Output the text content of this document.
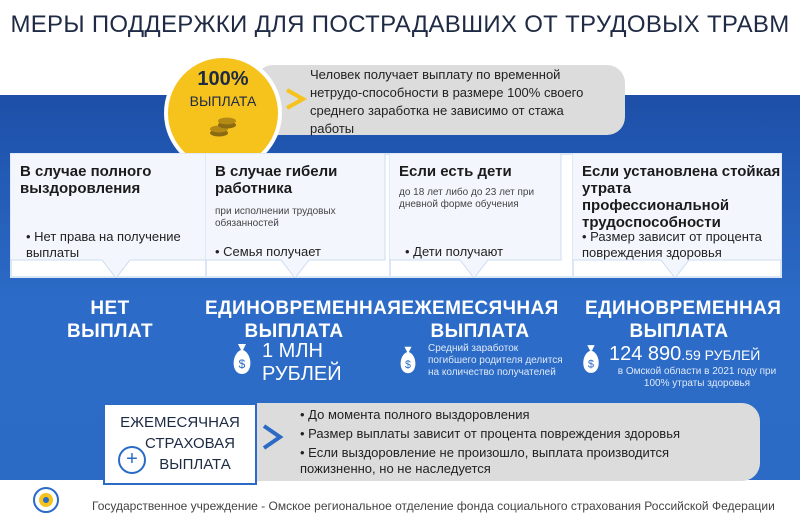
МЕРЫ ПОДДЕРЖКИ ДЛЯ ПОСТРАДАВШИХ ОТ ТРУДОВЫХ ТРАВМ
Человек получает выплату по временной нетрудо-способности в размере 100% своего среднего заработка не зависимо от стажа работы
100%
ВЫПЛАТА
В случае полного выздоровления
• Нет права на получение выплаты
В случае гибели работника
при исполнении трудовых обязанностей
• Семья получает
Если есть дети
до 18 лет либо до 23 лет при дневной форме обучения
• Дети получают
Если установлена стойкая утрата профессиональной трудоспособности
• Размер зависит от процента повреждения здоровья
НЕТ
ВЫПЛАТ
ЕДИНОВРЕМЕННАЯ
ВЫПЛАТА
$
1 МЛН
РУБЛЕЙ
ЕЖЕМЕСЯЧНАЯ
ВЫПЛАТА
$
Средний заработок погибшего родителя делится на количество получателей
ЕДИНОВРЕМЕННАЯ
ВЫПЛАТА
$ 124 890.59 РУБЛЕЙ
в Омской области в 2021 году при 100% утраты здоровья
ЕЖЕМЕСЯЧНАЯ
СТРАХОВАЯ
ВЫПЛАТА
+
• До момента полного выздоровления
• Размер выплаты зависит от процента повреждения здоровья
• Если выздоровление не произошло, выплата производится пожизненно, но не наследуется
Государственное учреждение - Омское региональное отделение фонда социального страхования Российской Федерации
